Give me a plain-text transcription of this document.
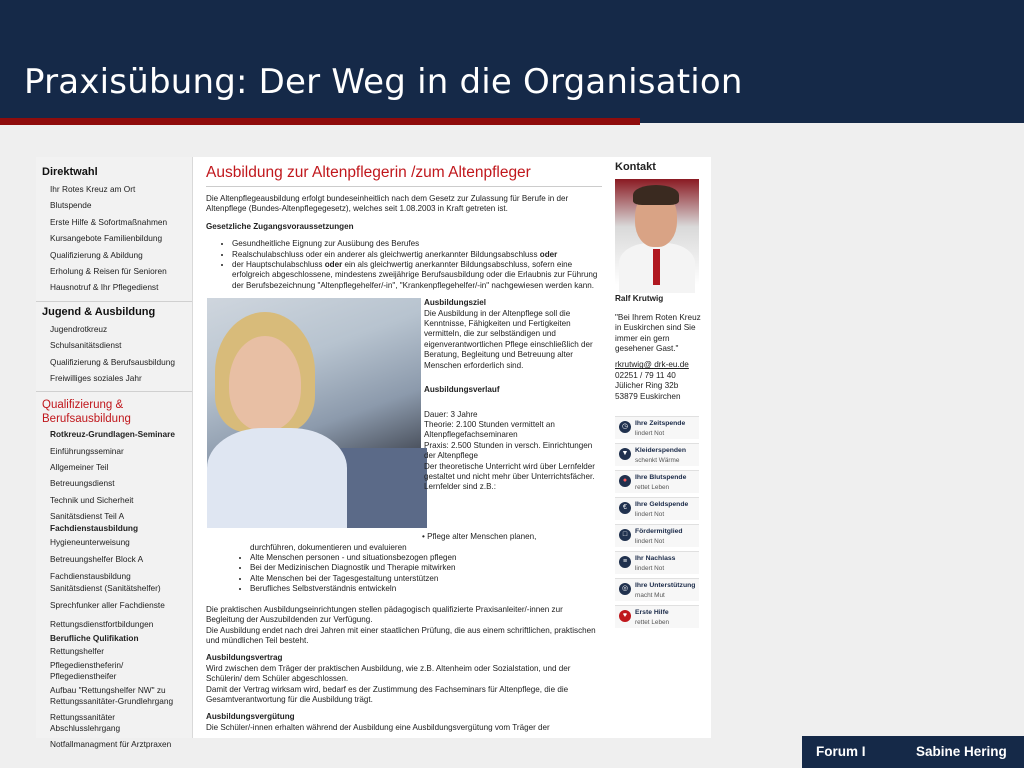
Praxisübung: Der Weg in die Organisation
Direktwahl
Ihr Rotes Kreuz am Ort
Blutspende
Erste Hilfe & Sofortmaßnahmen
Kursangebote Familienbildung
Qualifizierung & Abildung
Erholung & Reisen für Senioren
Hausnotruf & Ihr Pflegedienst
Jugend & Ausbildung
Jugendrotkreuz
Schulsanitätsdienst
Qualifizierung & Berufsausbildung
Freiwilliges soziales Jahr
Qualifizierung & Berufsausbildung
Rotkreuz-Grundlagen-Seminare
Einführungsseminar
Allgemeiner Teil
Betreuungsdienst
Technik und Sicherheit
Sanitätsdienst Teil A
Fachdienstausbildung
Hygieneunterweisung
Betreuungshelfer Block A
Fachdienstausbildung
Sanitätsdienst (Sanitätshelfer)
Sprechfunker aller Fachdienste
Rettungsdienstfortbildungen
Berufliche Qulifikation
Rettungshelfer
Pflegedienstheferin/
Pflegedienstheifer
Aufbau "Rettungshelfer NW" zu
Rettungssanitäter-Grundlehrgang
Rettungssanitäter
Abschlusslehrgang
Notfallmanagment für Arztpraxen
Ausbildung zur Altenpflegerin /zum Altenpfleger
Die Altenpflegeausbildung erfolgt bundeseinheitlich nach dem Gesetz zur Zulassung für Berufe in der Altenpflege (Bundes-Altenpflegegesetz), welches seit 1.08.2003 in Kraft getreten ist.
Gesetzliche Zugangsvoraussetzungen
• Gesundheitliche Eignung zur Ausübung des Berufes
• Realschulabschluss oder ein anderer als gleichwertig anerkannter Bildungsabschluss oder
• der Hauptschulabschluss oder ein als gleichwertig anerkannter Bildungsabschluss, sofern eine erfolgreich abgeschlossene, mindestens zweijährige Berufsausbildung oder die Erlaubnis zur Führung der Berufsbezeichnung "Altenpflegehelfer/-in", "Krankenpflegehelfer/-in" nachgewiesen werden kann.
Ausbildungsziel
Die Ausbildung in der Altenpflege soll die Kenntnisse, Fähigkeiten und Fertigkeiten vermitteln, die zur selbständigen und eigenverantwortlichen Pflege einschließlich der Beratung, Begleitung und Betreuung alter Menschen erforderlich sind.
Ausbildungsverlauf
Dauer: 3 Jahre
Theorie: 2.100 Stunden vermittelt an Altenpflegefachseminaren
Praxis: 2.500 Stunden in versch. Einrichtungen der Altenpflege
Der theoretische Unterricht wird über Lernfelder gestaltet und nicht mehr über Unterrichtsfächer. Lernfelder sind z.B.:
• Pflege alter Menschen planen,
durchführen, dokumentieren und evaluieren
• Alte Menschen personen - und situationsbezogen pflegen
• Bei der Medizinischen Diagnostik und Therapie mitwirken
• Alte Menschen bei der Tagesgestaltung unterstützen
• Berufliches Selbstverständnis entwickeln
Die praktischen Ausbildungseinrichtungen stellen pädagogisch qualifizierte Praxisanleiter/-innen zur Begleitung der Auszubildenden zur Verfügung.
Die Ausbildung endet nach drei Jahren mit einer staatlichen Prüfung, die aus einem schriftlichen, praktischen und mündlichen Teil besteht.
Ausbildungsvertrag
Wird zwischen dem Träger der praktischen Ausbildung, wie z.B. Altenheim oder Sozialstation, und der Schülerin/ dem Schüler abgeschlossen.
Damit der Vertrag wirksam wird, bedarf es der Zustimmung des Fachseminars für Altenpflege, die die Gesamtverantwortung für die Ausbildung trägt.
Ausbildungsvergütung
Die Schüler/-innen erhalten während der Ausbildung eine Ausbildungsvergütung vom Träger der
Kontakt
Ralf Krutwig
"Bei Ihrem Roten Kreuz in Euskirchen sind Sie immer ein gern gesehener Gast."
rkrutwig@ drk-eu.de
02251 / 79 11 40
Jülicher Ring 32b
53879 Euskirchen
◷	Ihre Zeitspende
lindert Not
▼ Kleiderspenden
schenkt Wärme
●	Ihre Blutspende
rettet Leben
€	Ihre Geldspende
lindert Not
□	Fördermitglied
lindert Not
≡	Ihr Nachlass
lindert Not
◎	Ihre Unterstützung
macht Mut
♥	Erste Hilfe
rettet Leben
Forum I	Sabine Hering
